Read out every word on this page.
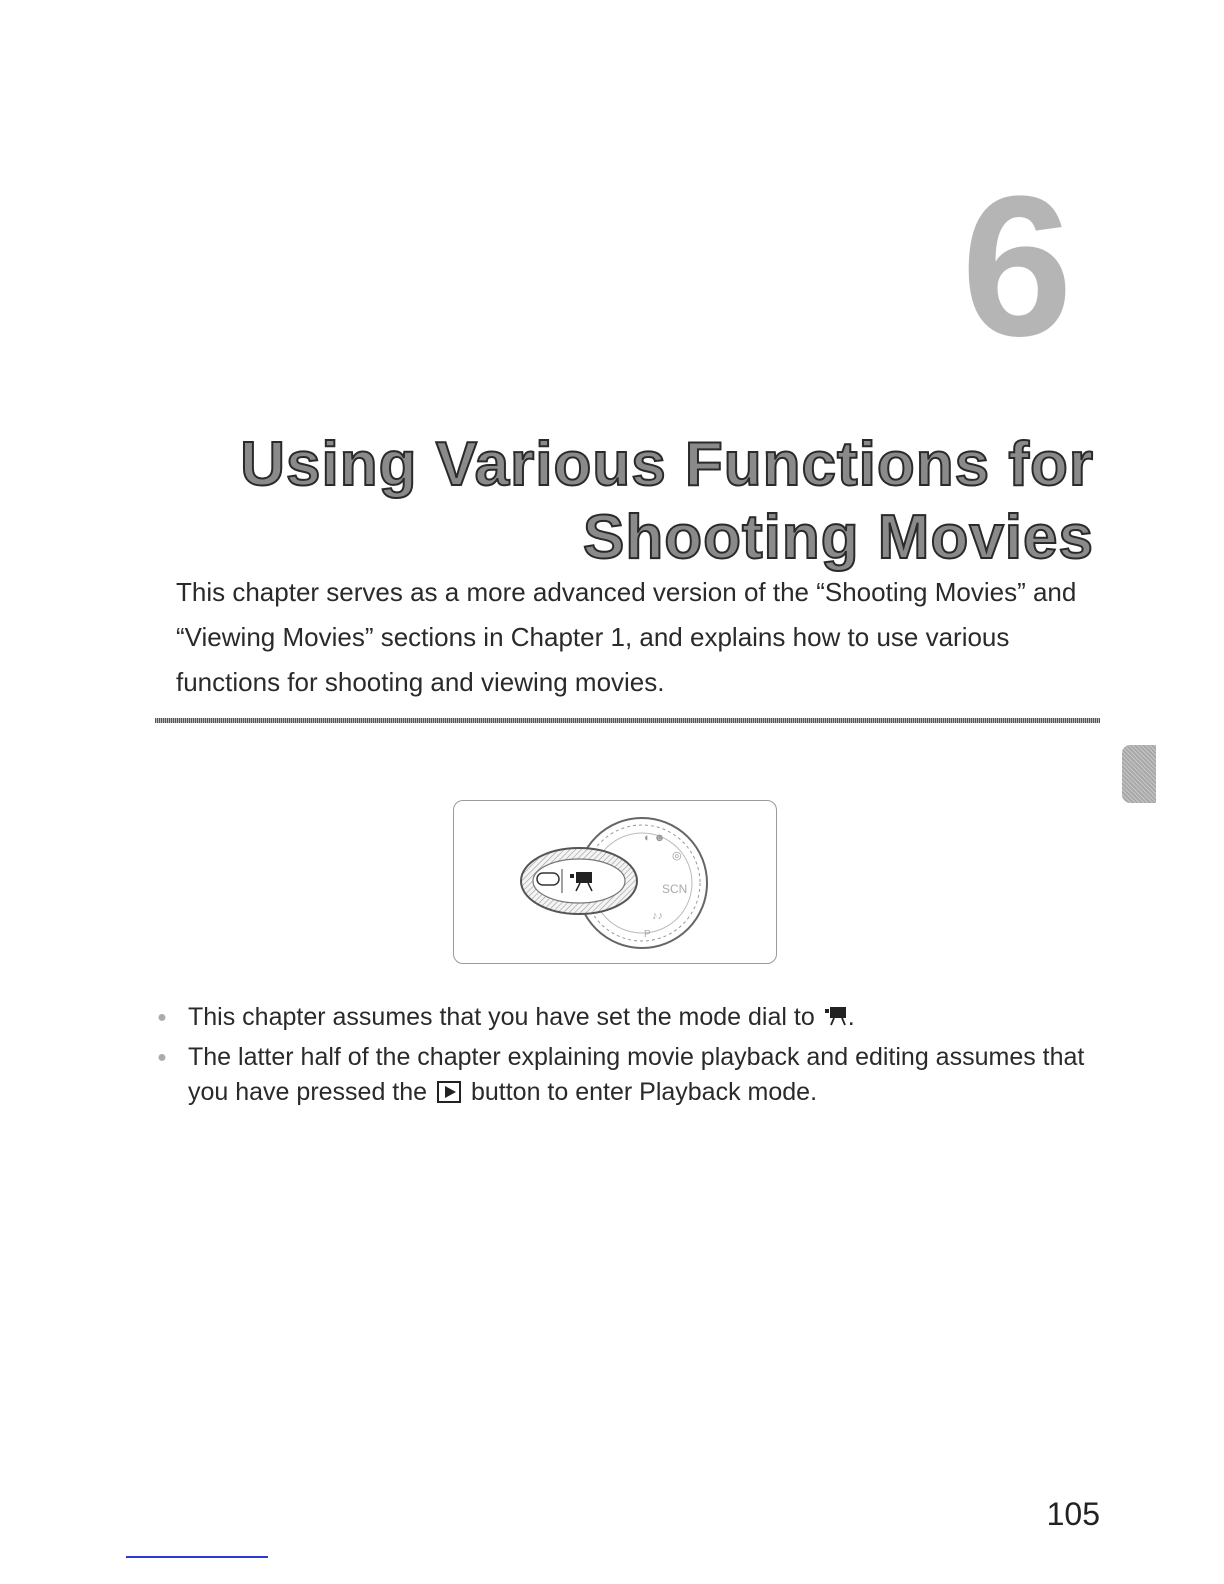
6
Using Various Functions for
Shooting Movies

This chapter serves as a more advanced version of the “Shooting Movies” and “Viewing Movies” sections in Chapter 1, and explains how to use various functions for shooting and viewing movies.

◐ ☻
◎
SCN
♪♪
P
● This chapter assumes that you have set the mode dial to .
● The latter half of the chapter explaining movie playback and editing assumes that you have pressed the button to enter Playback mode.
105
